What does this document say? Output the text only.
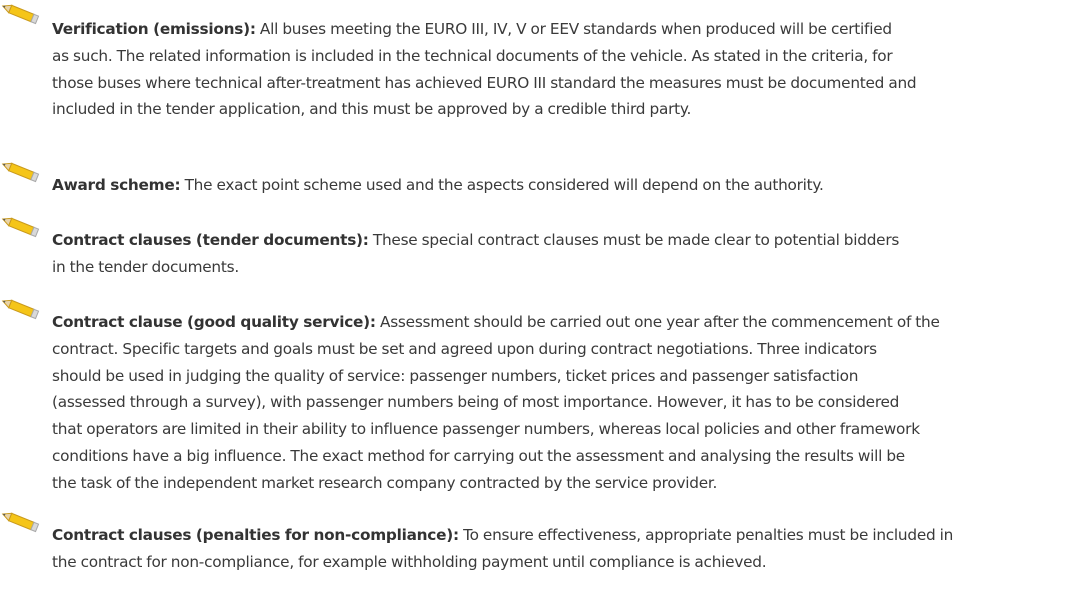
Verification (emissions): All buses meeting the EURO III, IV, V or EEV standards when produced will be certified
as such. The related information is included in the technical documents of the vehicle. As stated in the criteria, for
those buses where technical after-treatment has achieved EURO III standard the measures must be documented and
included in the tender application, and this must be approved by a credible third party.
Award scheme: The exact point scheme used and the aspects considered will depend on the authority.
Contract clauses (tender documents): These special contract clauses must be made clear to potential bidders
in the tender documents.
Contract clause (good quality service): Assessment should be carried out one year after the commencement of the
contract. Specific targets and goals must be set and agreed upon during contract negotiations. Three indicators
should be used in judging the quality of service: passenger numbers, ticket prices and passenger satisfaction
(assessed through a survey), with passenger numbers being of most importance. However, it has to be considered
that operators are limited in their ability to influence passenger numbers, whereas local policies and other framework
conditions have a big influence. The exact method for carrying out the assessment and analysing the results will be
the task of the independent market research company contracted by the service provider.
Contract clauses (penalties for non-compliance): To ensure effectiveness, appropriate penalties must be included in
the contract for non-compliance, for example withholding payment until compliance is achieved.
